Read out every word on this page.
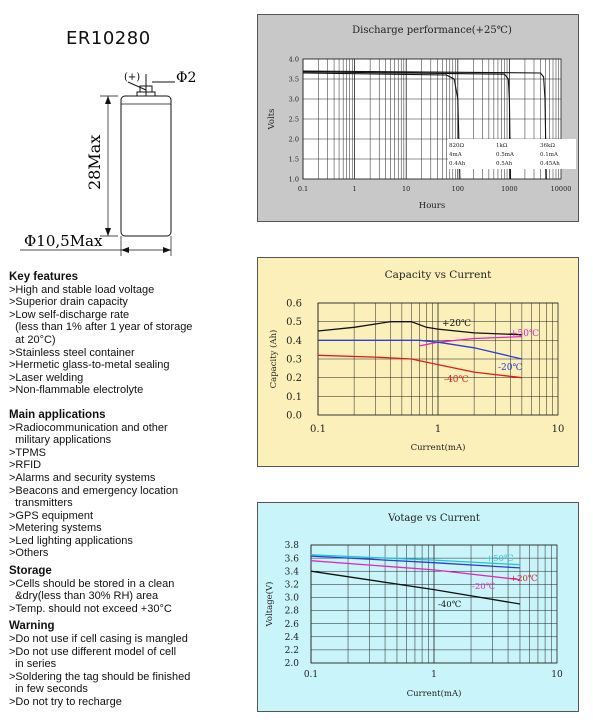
ER10280
(+)	Φ2
28Max
Φ10,5Max
Key features
>High and stable load voltage
>Superior drain capacity
>Low self-discharge rate
(less than 1% after 1 year of storage
at 20°C)
>Stainless steel container
>Hermetic glass-to-metal sealing
>Laser welding
>Non-flammable electrolyte
Main applications
>Radiocommunication and other
military applications
>TPMS
>RFID
>Alarms and security systems
>Beacons and emergency location
transmitters
>GPS equipment
>Metering systems
>Led lighting applications
>Others
Storage
>Cells should be stored in a clean
&dry(less than 30% RH) area
>Temp. should not exceed +30°C
Warning
>Do not use if cell casing is mangled
>Do not use different model of cell
in series
>Soldering the tag should be finished
in few seconds
>Do not try to recharge
Discharge performance(+25℃)
1.0
1.5
2.0
2.5
3.0
3.5
4.0
0.1	1	10	100	1000	10000
Hours
Volts
820Ω	1kΩ	36kΩ
4mA	0.5mA	0.1mA
0.4Ah	0.5Ah	0.45Ah
Capacity vs Current
0.0
0.1
0.2
0.3
0.4
0.5
0.6
0.1	1	10
Current(mA)
Capacity (Ah)
+20℃
+50℃
-20℃
-40℃
Votage vs Current
2.0
2.2
2.4
2.6
2.8
3.0
3.2
3.4
3.6
3.8
0.1	1	10
Current(mA)
Voltage(V)
+50℃
+20℃
-20℃
-40℃
